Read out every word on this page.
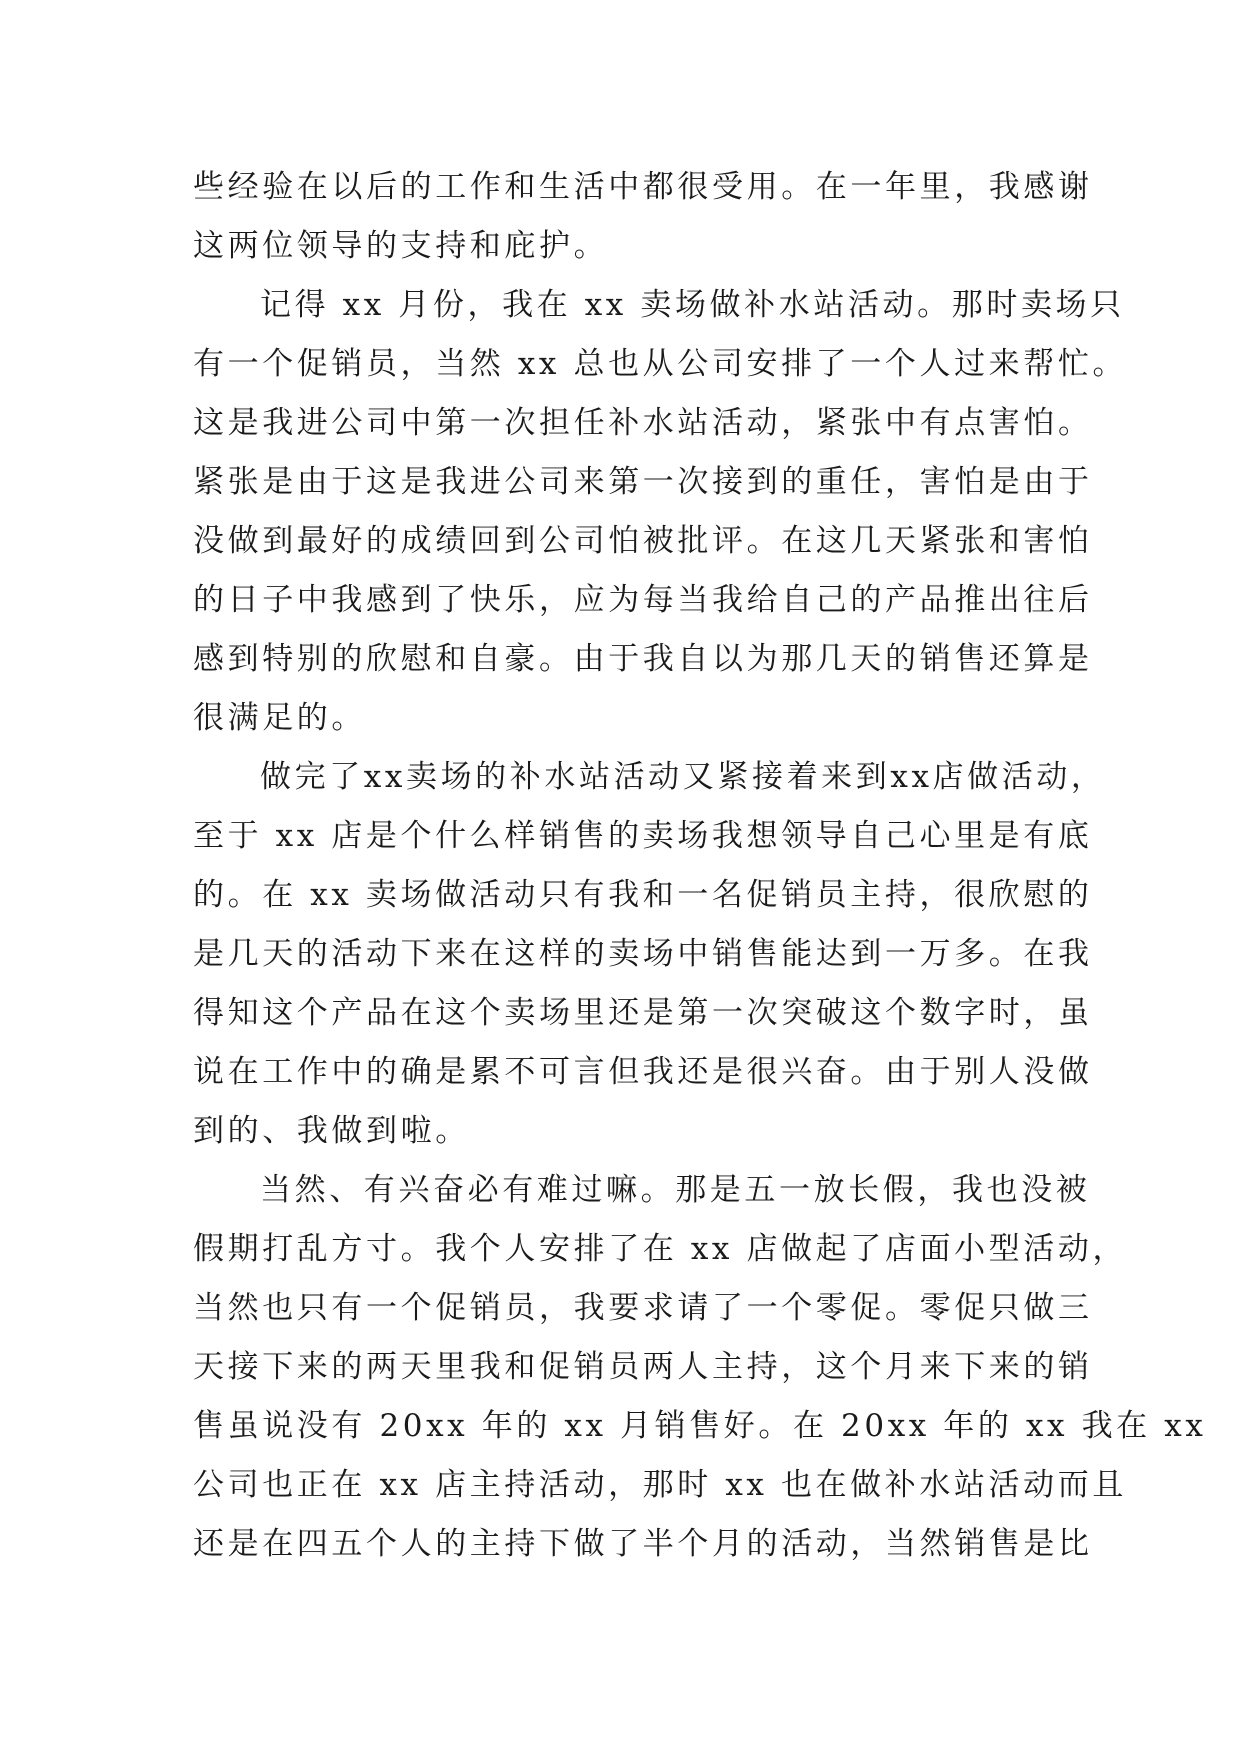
些经验在以后的工作和生活中都很受用。在一年里，我感谢
这两位领导的支持和庇护。
记得 xx 月份，我在 xx 卖场做补水站活动。那时卖场只
有一个促销员，当然 xx 总也从公司安排了一个人过来帮忙。
这是我进公司中第一次担任补水站活动，紧张中有点害怕。
紧张是由于这是我进公司来第一次接到的重任，害怕是由于
没做到最好的成绩回到公司怕被批评。在这几天紧张和害怕
的日子中我感到了快乐，应为每当我给自己的产品推出往后
感到特别的欣慰和自豪。由于我自以为那几天的销售还算是
很满足的。
做完了xx卖场的补水站活动又紧接着来到xx店做活动，
至于 xx 店是个什么样销售的卖场我想领导自己心里是有底
的。在 xx 卖场做活动只有我和一名促销员主持，很欣慰的
是几天的活动下来在这样的卖场中销售能达到一万多。在我
得知这个产品在这个卖场里还是第一次突破这个数字时，虽
说在工作中的确是累不可言但我还是很兴奋。由于别人没做
到的、我做到啦。
当然、有兴奋必有难过嘛。那是五一放长假，我也没被
假期打乱方寸。我个人安排了在 xx 店做起了店面小型活动，
当然也只有一个促销员，我要求请了一个零促。零促只做三
天接下来的两天里我和促销员两人主持，这个月来下来的销
售虽说没有 20xx 年的 xx 月销售好。在 20xx 年的 xx 我在 xx
公司也正在 xx 店主持活动，那时 xx 也在做补水站活动而且
还是在四五个人的主持下做了半个月的活动，当然销售是比
